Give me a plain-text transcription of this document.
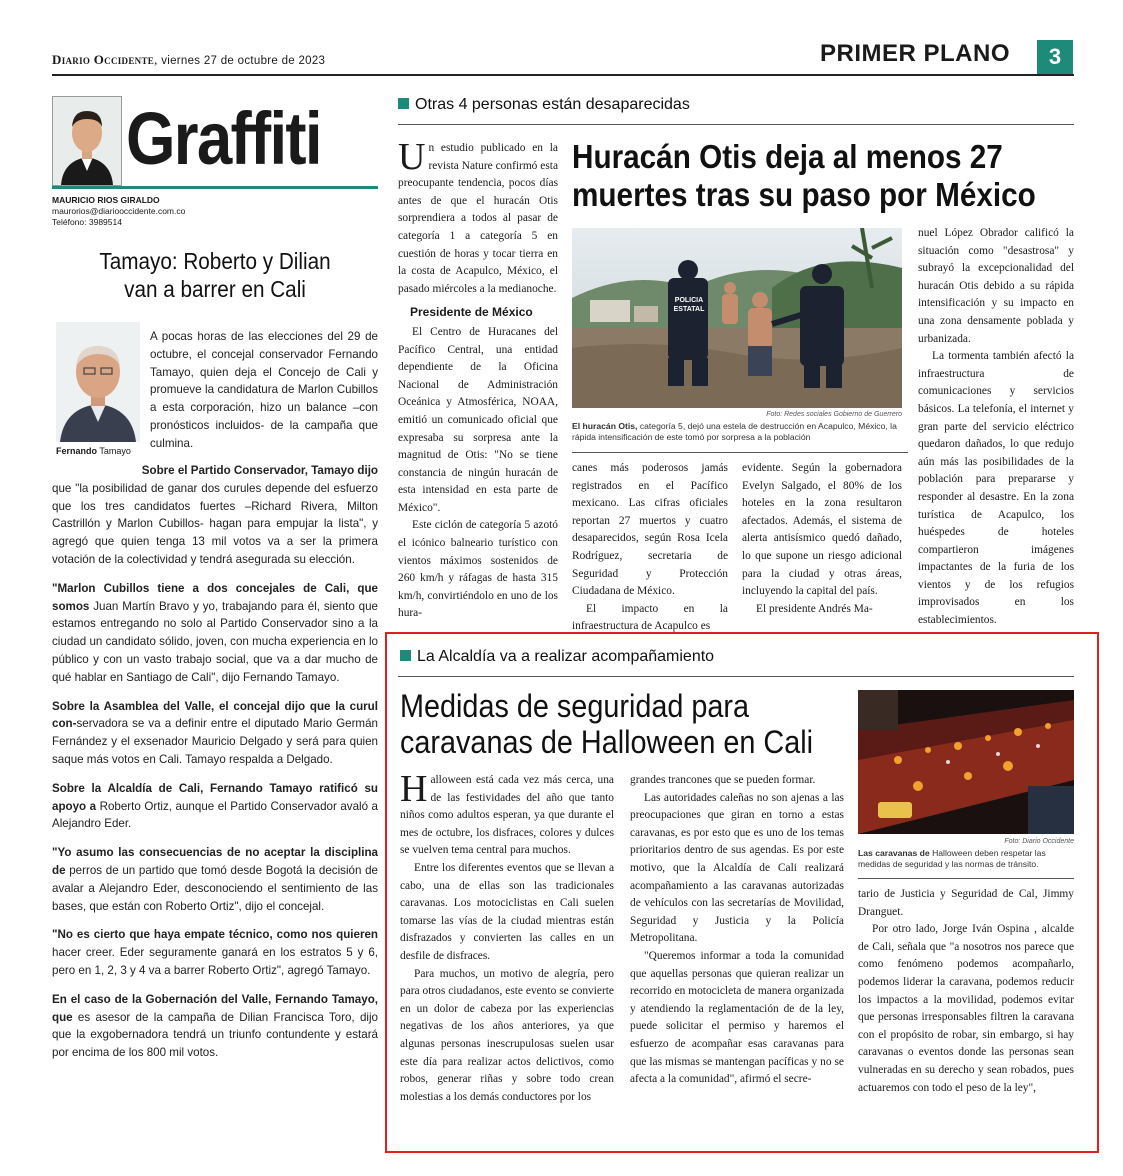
Diario Occidente, viernes 27 de octubre de 2023	PRIMER PLANO	3
Graffiti
MAURICIO RIOS GIRALDO
maurorios@diariooccidente.com.co
Teléfono: 3989514
Tamayo: Roberto y Dilian van a barrer en Cali
Fernando Tamayo
A pocas horas de las elecciones del 29 de octubre, el concejal conservador Fernando Tamayo, quien deja el Concejo de Cali y promueve la candidatura de Marlon Cubillos a esta corporación, hizo un balance –con pronósticos incluidos- de la campaña que culmina.

Sobre el Partido Conservador, Tamayo dijo
que "la posibilidad de ganar dos curules depende del esfuerzo que los tres candidatos fuertes –Richard Rivera, Milton Castrillón y Marlon Cubillos- hagan para empujar la lista", y agregó que quien tenga 13 mil votos va a ser la primera votación de la colectividad y tendrá asegurada su elección.

"Marlon Cubillos tiene a dos concejales de Cali, que somos Juan Martín Bravo y yo, trabajando para él, siento que estamos entregando no solo al Partido Conservador sino a la ciudad un candidato sólido, joven, con mucha experiencia en lo público y con un vasto trabajo social, que va a dar mucho de qué hablar en Santiago de Cali", dijo Fernando Tamayo.

Sobre la Asamblea del Valle, el concejal dijo que la curul con-servadora se va a definir entre el diputado Mario Germán Fernández y el exsenador Mauricio Delgado y será para quien saque más votos en Cali. Tamayo respalda a Delgado.

Sobre la Alcaldía de Cali, Fernando Tamayo ratificó su apoyo a Roberto Ortiz, aunque el Partido Conservador avaló a Alejandro Eder.

"Yo asumo las consecuencias de no aceptar la disciplina de perros de un partido que tomó desde Bogotá la decisión de avalar a Alejandro Eder, desconociendo el sentimiento de las bases, que están con Roberto Ortiz", dijo el concejal.

"No es cierto que haya empate técnico, como nos quieren hacer creer. Eder seguramente ganará en los estratos 5 y 6, pero en 1, 2, 3 y 4 va a barrer Roberto Ortiz", agregó Tamayo.

En el caso de la Gobernación del Valle, Fernando Tamayo, que es asesor de la campaña de Dilian Francisca Toro, dijo que la exgobernadora tendrá un triunfo contundente y estará por encima de los 800 mil votos.

Otras 4 personas están desaparecidas

Un estudio publicado en la revista Nature confirmó esta preocupante tendencia, pocos días antes de que el huracán Otis sorprendiera a todos al pasar de categoría 1 a categoría 5 en cuestión de horas y tocar tierra en la costa de Acapulco, México, el pasado miércoles a la medianoche.

Presidente de México

El Centro de Huracanes del Pacífico Central, una entidad dependiente de la Oficina Nacional de Administración Oceánica y Atmosférica, NOAA, emitió un comunicado oficial que expresaba su sorpresa ante la magnitud de Otis: "No se tiene constancia de ningún huracán de esta intensidad en esta parte de México".

Este ciclón de categoría 5 azotó el icónico balneario turístico con vientos máximos sostenidos de 260 km/h y ráfagas de hasta 315 km/h, convirtiéndolo en uno de los hura-

Huracán Otis deja al menos 27 muertes tras su paso por México
POLICIA ESTATAL
Foto: Redes sociales Gobierno de Guerrero
El huracán Otis, categoría 5, dejó una estela de destrucción en Acapulco, México, la rápida intensificación de este tomó por sorpresa a la población

canes más poderosos jamás registrados en el Pacífico mexicano. Las cifras oficiales reportan 27 muertos y cuatro desaparecidos, según Rosa Icela Rodríguez, secretaria de Seguridad y Protección Ciudadana de México.

El impacto en la infraestructura de Acapulco es

evidente. Según la gobernadora Evelyn Salgado, el 80% de los hoteles en la zona resultaron afectados. Además, el sistema de alerta antisísmico quedó dañado, lo que supone un riesgo adicional para la ciudad y otras áreas, incluyendo la capital del país.

El presidente Andrés Ma-

nuel López Obrador calificó la situación como "desastrosa" y subrayó la excepcionalidad del huracán Otis debido a su rápida intensificación y su impacto en una zona densamente poblada y urbanizada.

La tormenta también afectó la infraestructura de comunicaciones y servicios básicos. La telefonía, el internet y gran parte del servicio eléctrico quedaron dañados, lo que redujo aún más las posibilidades de la población para prepararse y responder al desastre. En la zona turística de Acapulco, los huéspedes de hoteles compartieron imágenes impactantes de la furia de los vientos y de los refugios improvisados en los establecimientos.

La Alcaldía va a realizar acompañamiento
Medidas de seguridad para caravanas de Halloween en Cali
Foto: Diario Occidente
Las caravanas de Halloween deben respetar las medidas de seguridad y las normas de tránsito.

Halloween está cada vez más cerca, una de las festividades del año que tanto niños como adultos esperan, ya que durante el mes de octubre, los disfraces, colores y dulces se vuelven tema central para muchos.

Entre los diferentes eventos que se llevan a cabo, una de ellas son las tradicionales caravanas. Los motociclistas en Cali suelen tomarse las vías de la ciudad mientras están disfrazados y convierten las calles en un desfile de disfraces.

Para muchos, un motivo de alegría, pero para otros ciudadanos, este evento se convierte en un dolor de cabeza por las experiencias negativas de los años anteriores, ya que algunas personas inescrupulosas suelen usar este día para realizar actos delictivos, como robos, generar riñas y sobre todo crean molestias a los demás conductores por los

grandes trancones que se pueden formar.

Las autoridades caleñas no son ajenas a las preocupaciones que giran en torno a estas caravanas, es por esto que es uno de los temas prioritarios dentro de sus agendas. Es por este motivo, que la Alcaldía de Cali realizará acompañamiento a las caravanas autorizadas de vehículos con las secretarías de Movilidad, Seguridad y Justicia y la Policía Metropolitana.

"Queremos informar a toda la comunidad que aquellas personas que quieran realizar un recorrido en motocicleta de manera organizada y atendiendo la reglamentación de de la ley, puede solicitar el permiso y haremos el esfuerzo de acompañar esas caravanas para que las mismas se mantengan pacíficas y no se afecta a la comunidad", afirmó el secre-

tario de Justicia y Seguridad de Cal, Jimmy Dranguet.

Por otro lado, Jorge Iván Ospina , alcalde de Cali, señala que "a nosotros nos parece que como fenómeno podemos acompañarlo, podemos liderar la caravana, podemos reducir los impactos a la movilidad, podemos evitar que personas irresponsables filtren la caravana con el propósito de robar, sin embargo, si hay caravanas o eventos donde las personas sean vulneradas en su derecho y sean robados, pues actuaremos con todo el peso de la ley",
